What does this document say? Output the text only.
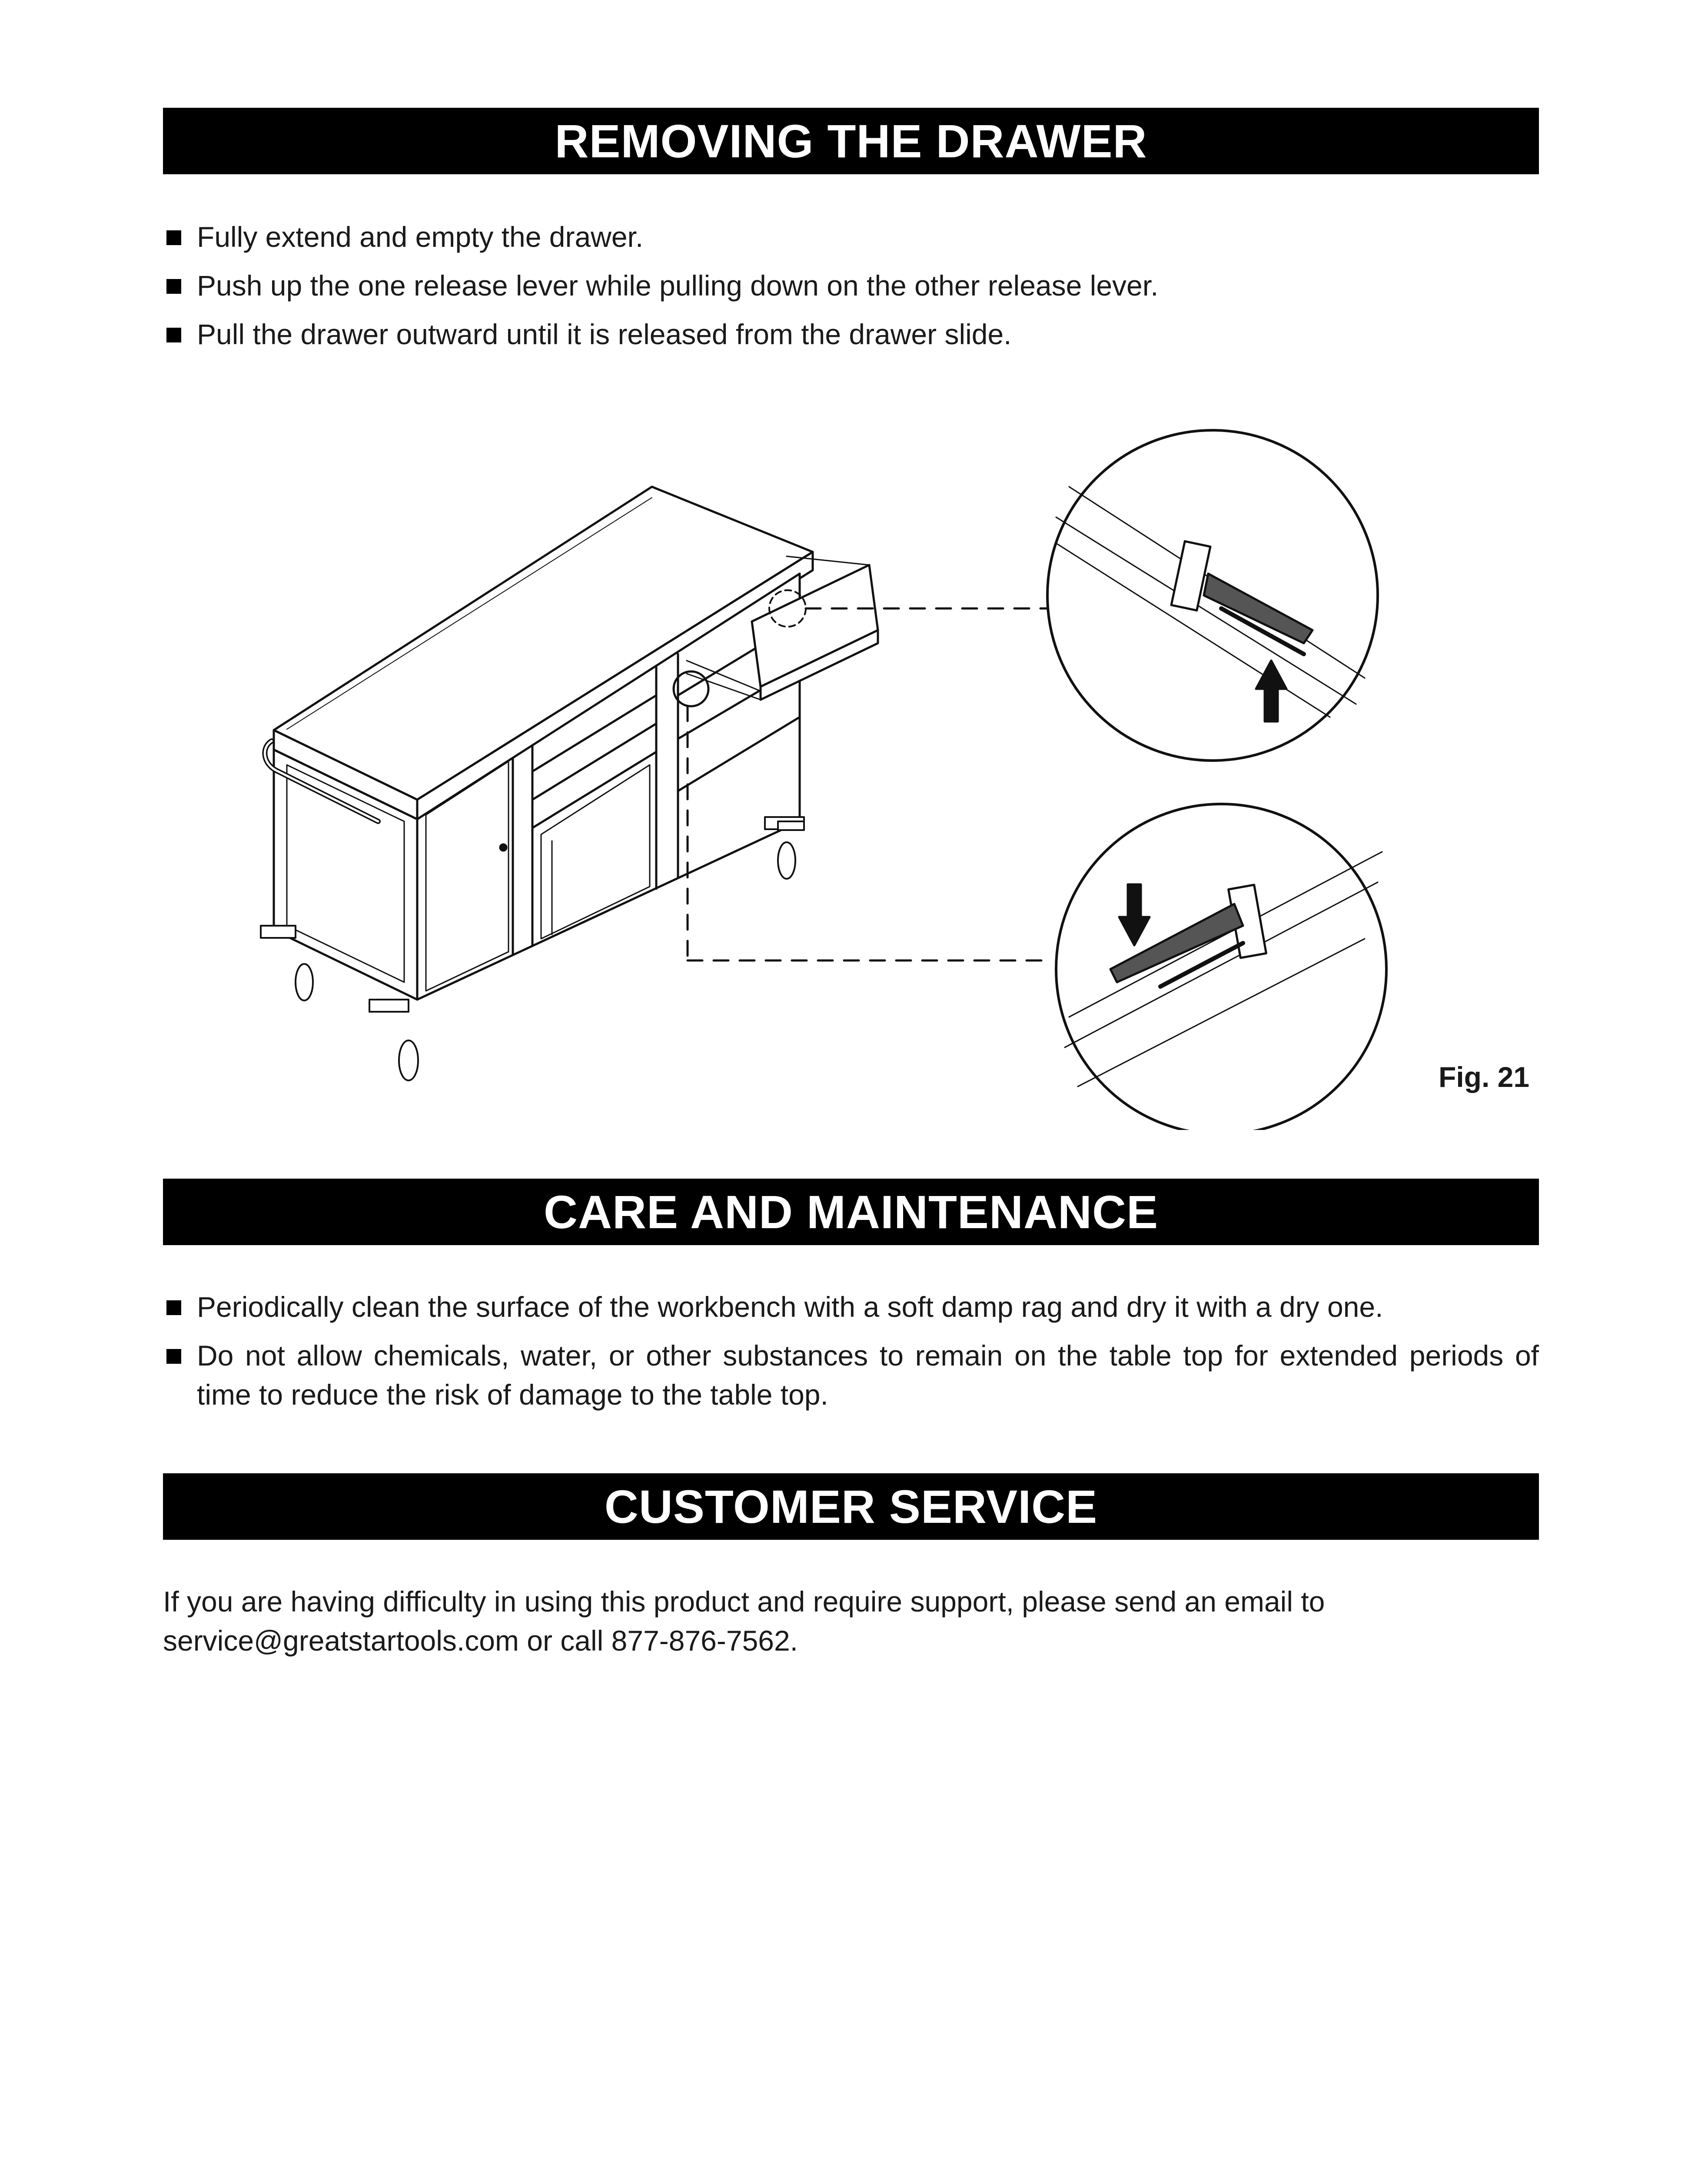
REMOVING THE DRAWER
Fully extend and empty the drawer.
Push up the one release lever while pulling down on the other release lever.
Pull the drawer outward until it is released from the drawer slide.
Fig. 21
CARE AND MAINTENANCE
Periodically clean the surface of the workbench with a soft damp rag and dry it with a dry one.
Do not allow chemicals, water, or other substances to remain on the table top for extended periods of time to reduce the risk of damage to the table top.
CUSTOMER SERVICE
If you are having difficulty in using this product and require support, please send an email to
service@greatstartools.com or call 877-876-7562.
